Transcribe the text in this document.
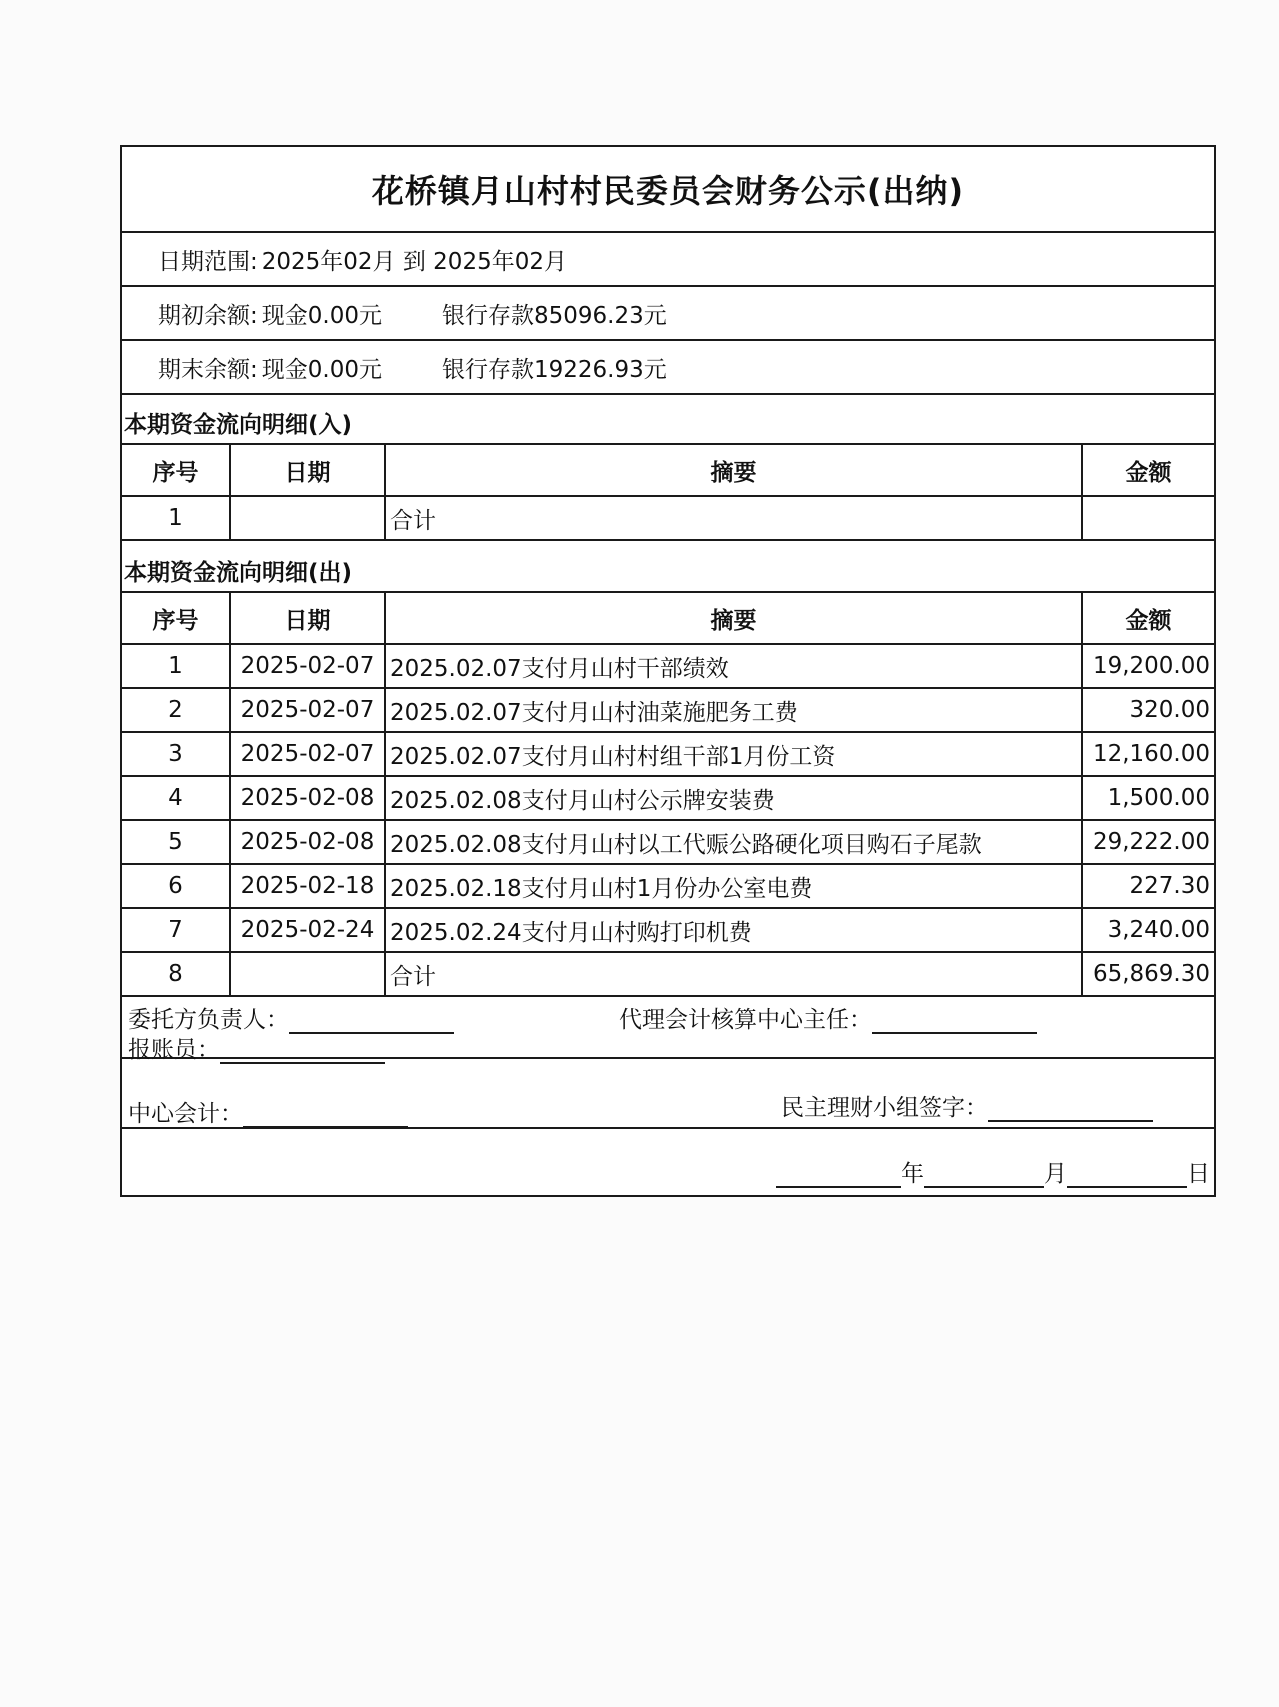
花桥镇月山村村民委员会财务公示(出纳)
日期范围: 2025年02月 到 2025年02月
期初余额: 现金0.00元	银行存款85096.23元
期末余额: 现金0.00元	银行存款19226.93元
本期资金流向明细(入)
序号	日期	摘要	金额
1		合计	
本期资金流向明细(出)
序号	日期	摘要	金额
1	2025-02-07	2025.02.07支付月山村干部绩效	19,200.00
2	2025-02-07	2025.02.07支付月山村油菜施肥务工费	320.00
3	2025-02-07	2025.02.07支付月山村村组干部1月份工资	12,160.00
4	2025-02-08	2025.02.08支付月山村公示牌安装费	1,500.00
5	2025-02-08	2025.02.08支付月山村以工代赈公路硬化项目购石子尾款	29,222.00
6	2025-02-18	2025.02.18支付月山村1月份办公室电费	227.30
7	2025-02-24	2025.02.24支付月山村购打印机费	3,240.00
8		合计	65,869.30
委托方负责人：	代理会计核算中心主任：
报账员：
中心会计：	民主理财小组签字：
年	月	日
